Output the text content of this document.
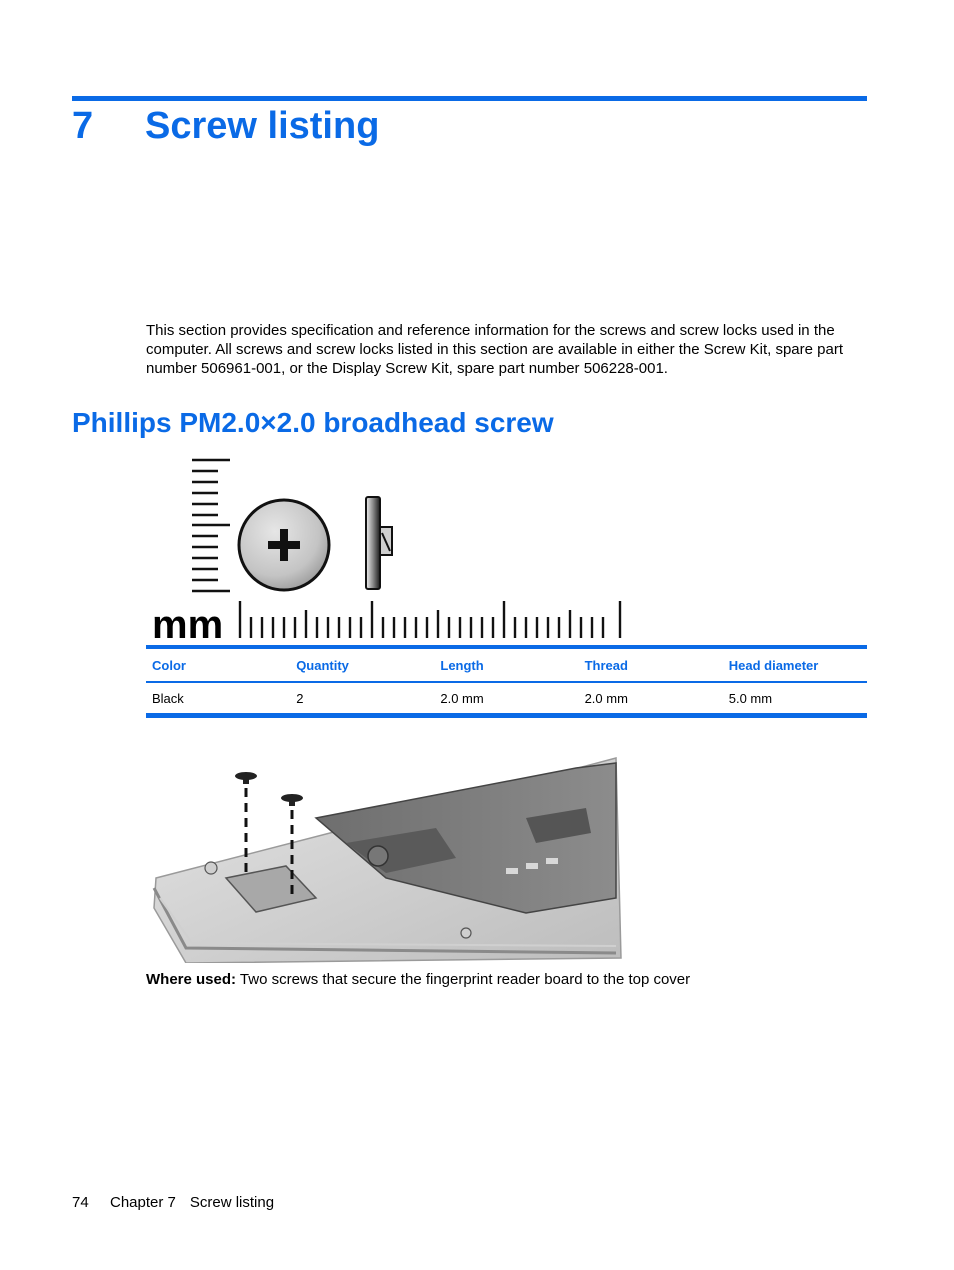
7	Screw listing

This section provides specification and reference information for the screws and screw locks used in the computer. All screws and screw locks listed in this section are available in either the Screw Kit, spare part number 506961-001, or the Display Screw Kit, spare part number 506228-001.

Phillips PM2.0×2.0 broadhead screw
mm
Color	Quantity	Length	Thread	Head diameter
Black	2	2.0 mm	2.0 mm	5.0 mm

Where used: Two screws that secure the fingerprint reader board to the top cover

74	Chapter 7 Screw listing
